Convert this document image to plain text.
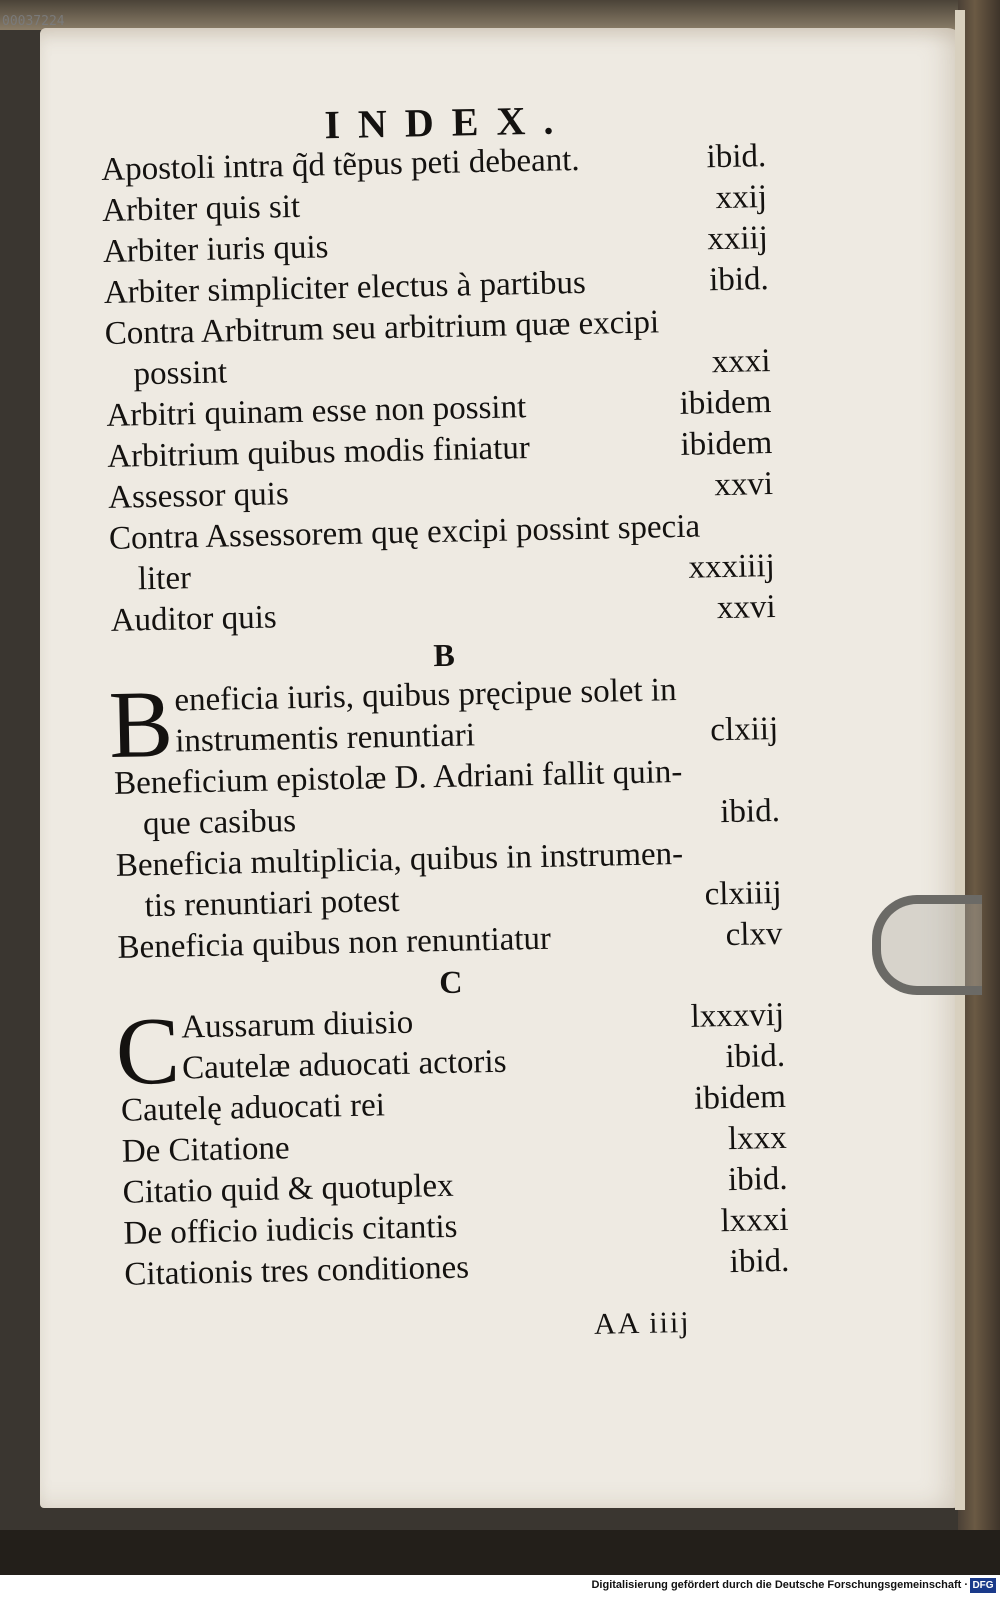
00037224
INDEX.
Apostoli intra q̃d tẽpus peti debeant.	ibid.
Arbiter quis sit	xxij
Arbiter iuris quis	xxiij
Arbiter simpliciter electus à partibus	ibid.
Contra Arbitrum seu arbitrium quæ excipi
possint	xxxi
Arbitri quinam esse non possint	ibidem
Arbitrium quibus modis finiatur	ibidem
Assessor quis	xxvi
Contra Assessorem quę excipi possint specia
liter	xxxiiij
Auditor quis	xxvi
B
B eneficia iuris, quibus pręcipue solet in
instrumentis renuntiari	clxiij
Beneficium epistolæ D. Adriani fallit quin-
que casibus	ibid.
Beneficia multiplicia, quibus in instrumen-
tis renuntiari potest	clxiiij
Beneficia quibus non renuntiatur	clxv
C
C Aussarum diuisio	lxxxvij
Cautelæ aduocati actoris	ibid.
Cautelę aduocati rei	ibidem
De Citatione	lxxx
Citatio quid & quotuplex	ibid.
De officio iudicis citantis	lxxxi
Citationis tres conditiones	ibid.
AA iiij
Digitalisierung gefördert durch die Deutsche Forschungsgemeinschaft · DFG
